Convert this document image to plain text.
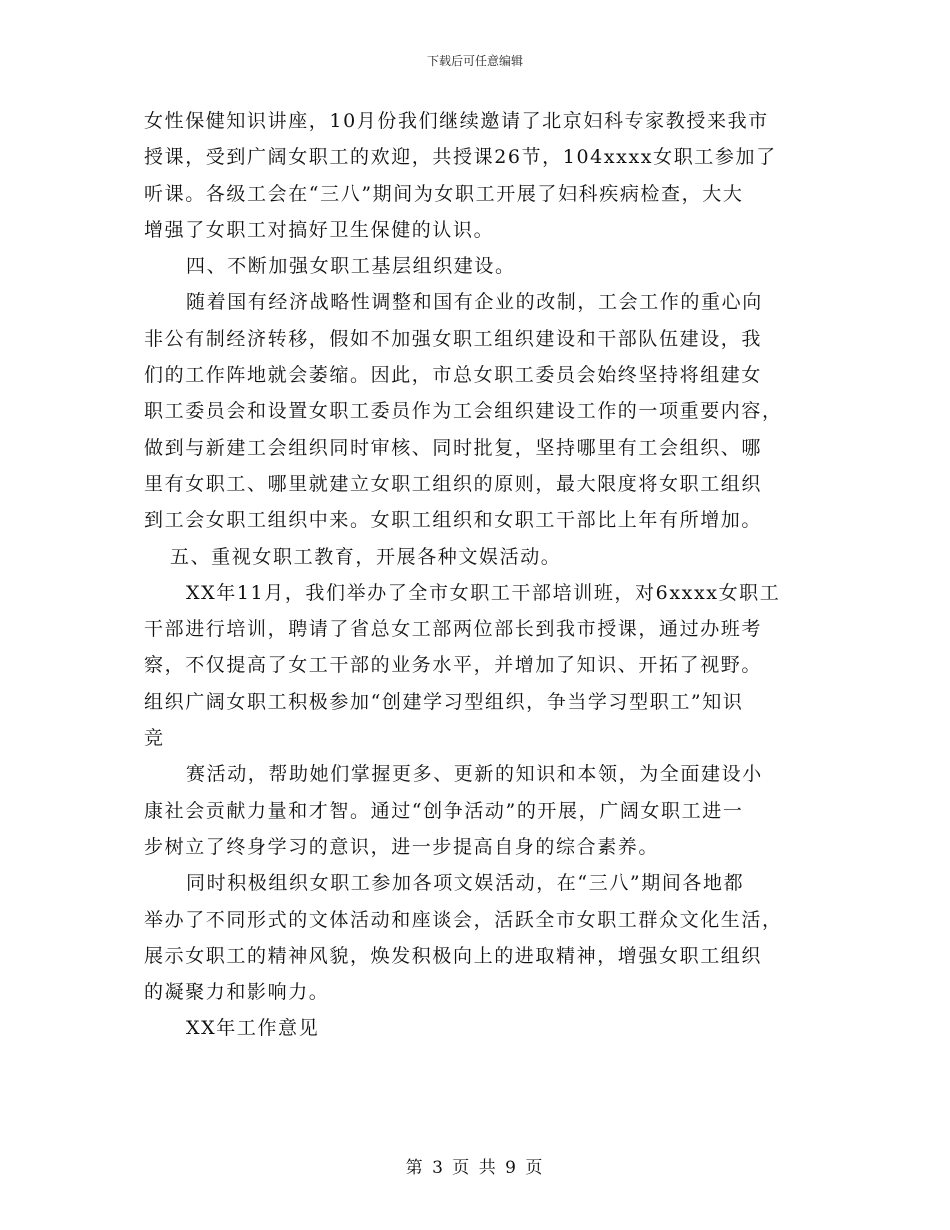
下载后可任意编辑
女性保健知识讲座，10月份我们继续邀请了北京妇科专家教授来我市
授课，受到广阔女职工的欢迎，共授课26节，104xxxx女职工参加了
听课。各级工会在“三八”期间为女职工开展了妇科疾病检查，大大
增强了女职工对搞好卫生保健的认识。
四、不断加强女职工基层组织建设。
随着国有经济战略性调整和国有企业的改制，工会工作的重心向
非公有制经济转移，假如不加强女职工组织建设和干部队伍建设，我
们的工作阵地就会萎缩。因此，市总女职工委员会始终坚持将组建女
职工委员会和设置女职工委员作为工会组织建设工作的一项重要内容，
做到与新建工会组织同时审核、同时批复，坚持哪里有工会组织、哪
里有女职工、哪里就建立女职工组织的原则，最大限度将女职工组织
到工会女职工组织中来。女职工组织和女职工干部比上年有所增加。
五、重视女职工教育，开展各种文娱活动。
XX年11月，我们举办了全市女职工干部培训班，对6xxxx女职工
干部进行培训，聘请了省总女工部两位部长到我市授课，通过办班考
察，不仅提高了女工干部的业务水平，并增加了知识、开拓了视野。
组织广阔女职工积极参加“创建学习型组织，争当学习型职工”知识
竞
赛活动，帮助她们掌握更多、更新的知识和本领，为全面建设小
康社会贡献力量和才智。通过“创争活动”的开展，广阔女职工进一
步树立了终身学习的意识，进一步提高自身的综合素养。
同时积极组织女职工参加各项文娱活动，在“三八”期间各地都
举办了不同形式的文体活动和座谈会，活跃全市女职工群众文化生活，
展示女职工的精神风貌，焕发积极向上的进取精神，增强女职工组织
的凝聚力和影响力。
XX年工作意见
第 3 页 共 9 页
